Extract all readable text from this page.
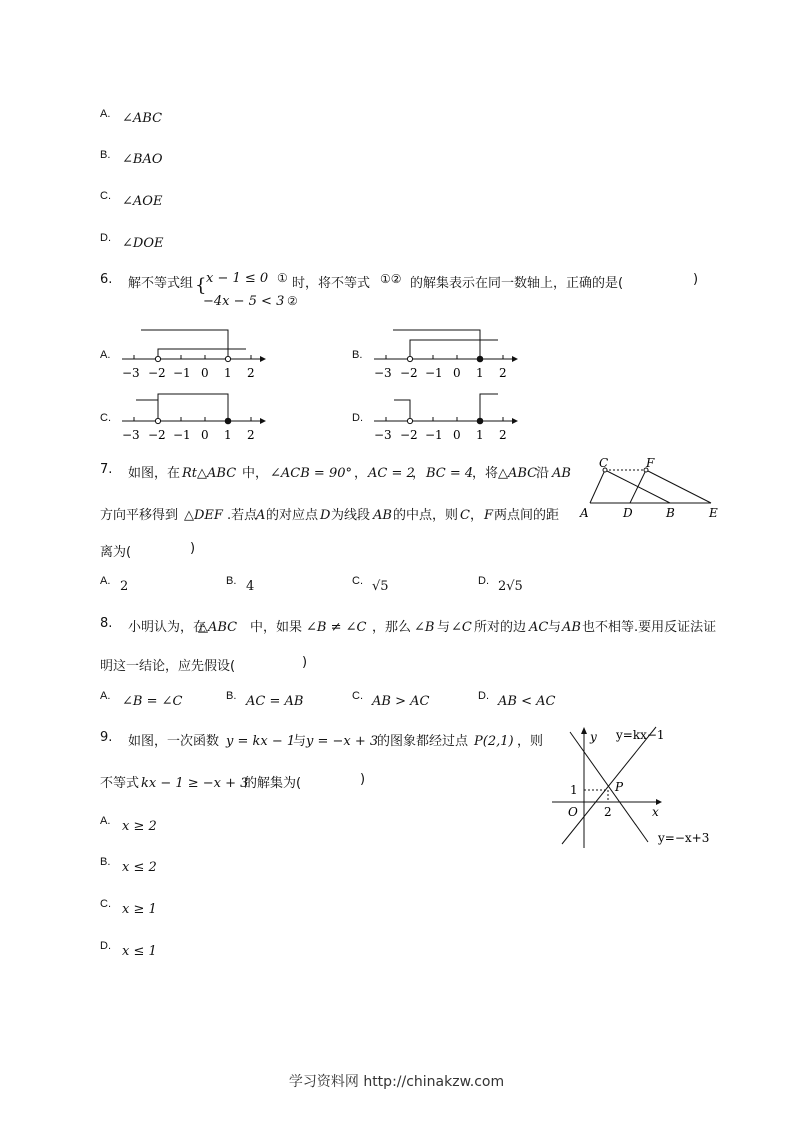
A. ∠ABC
B. ∠BAO
C. ∠AOE
D. ∠DOE
6. 解不等式组 { x − 1 ≤ 0 ①
−4x − 5 < 3 ②
时，将不等式 ①② 的解集表示在同一数轴上，正确的是(	)
A.	B.
C.	D.
−3 −2 −1 0 1 2	−3 −2 −1 0 1 2
−3 −2 −1 0 1 2	−3 −2 −1 0 1 2
7. 如图，在 Rt△ABC 中， ∠ACB = 90° ， AC = 2
， BC = 4
，将 △ABC
沿 AB
方向平移得到 △DEF .若点
A 的对应点 D 为线段 AB 的中点，则 C ， F 两点间的距
离为(	)
C	F
A	D	B	E
A. 2	B. 4	C. √5	D. 2√5
8. 小明认为，在
△ABC 中，如果 ∠B ≠ ∠C ，那么 ∠B 与 ∠C 所对的边 AC 与 AB 也不相等.要用反证法证
明这一结论，应先假设(	)
A. ∠B = ∠C	B. AC = AB	C. AB > AC	D. AB < AC
9. 如图，一次函数 y = kx − 1
与 y = −x + 3
的图象都经过点 P(2,1) ，则
不等式 kx − 1 ≥ −x + 3
的解集为(	)
y y=kx−1
1	P
O 2	x
y=−x+3
A. x ≥ 2
B. x ≤ 2
C. x ≥ 1
D. x ≤ 1
学习资料网 http://chinakzw.com
